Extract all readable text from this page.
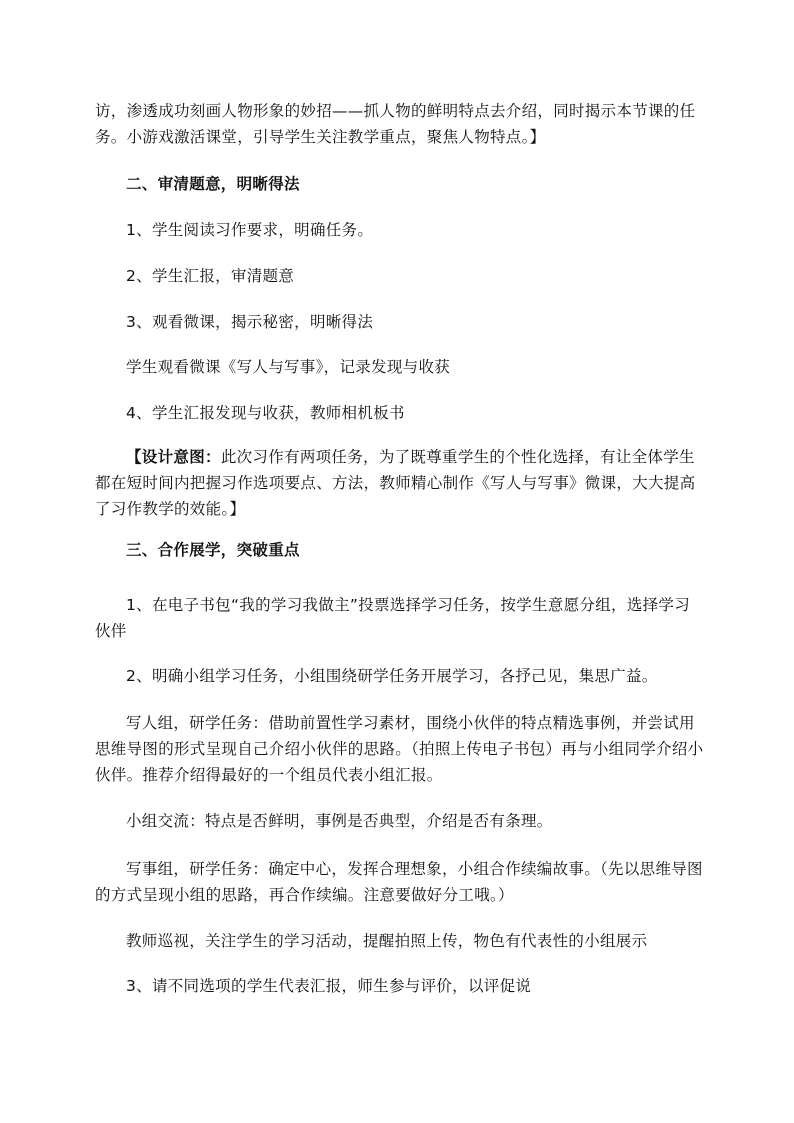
访，渗透成功刻画人物形象的妙招——抓人物的鲜明特点去介绍，同时揭示本节课的任务。小游戏激活课堂，引导学生关注教学重点，聚焦人物特点。】

二、审清题意，明晰得法

1、学生阅读习作要求，明确任务。

2、学生汇报，审清题意

3、观看微课，揭示秘密，明晰得法

学生观看微课《写人与写事》，记录发现与收获

4、学生汇报发现与收获，教师相机板书

【设计意图：此次习作有两项任务，为了既尊重学生的个性化选择，有让全体学生都在短时间内把握习作选项要点、方法，教师精心制作《写人与写事》微课，大大提高了习作教学的效能。】

三、合作展学，突破重点

1、在电子书包“我的学习我做主”投票选择学习任务，按学生意愿分组，选择学习伙伴

2、明确小组学习任务，小组围绕研学任务开展学习，各抒己见，集思广益。

写人组，研学任务：借助前置性学习素材，围绕小伙伴的特点精选事例，并尝试用思维导图的形式呈现自己介绍小伙伴的思路。（拍照上传电子书包）再与小组同学介绍小伙伴。推荐介绍得最好的一个组员代表小组汇报。

小组交流：特点是否鲜明，事例是否典型，介绍是否有条理。

写事组，研学任务：确定中心，发挥合理想象，小组合作续编故事。（先以思维导图的方式呈现小组的思路，再合作续编。注意要做好分工哦。）

教师巡视，关注学生的学习活动，提醒拍照上传，物色有代表性的小组展示

3、请不同选项的学生代表汇报，师生参与评价，以评促说
